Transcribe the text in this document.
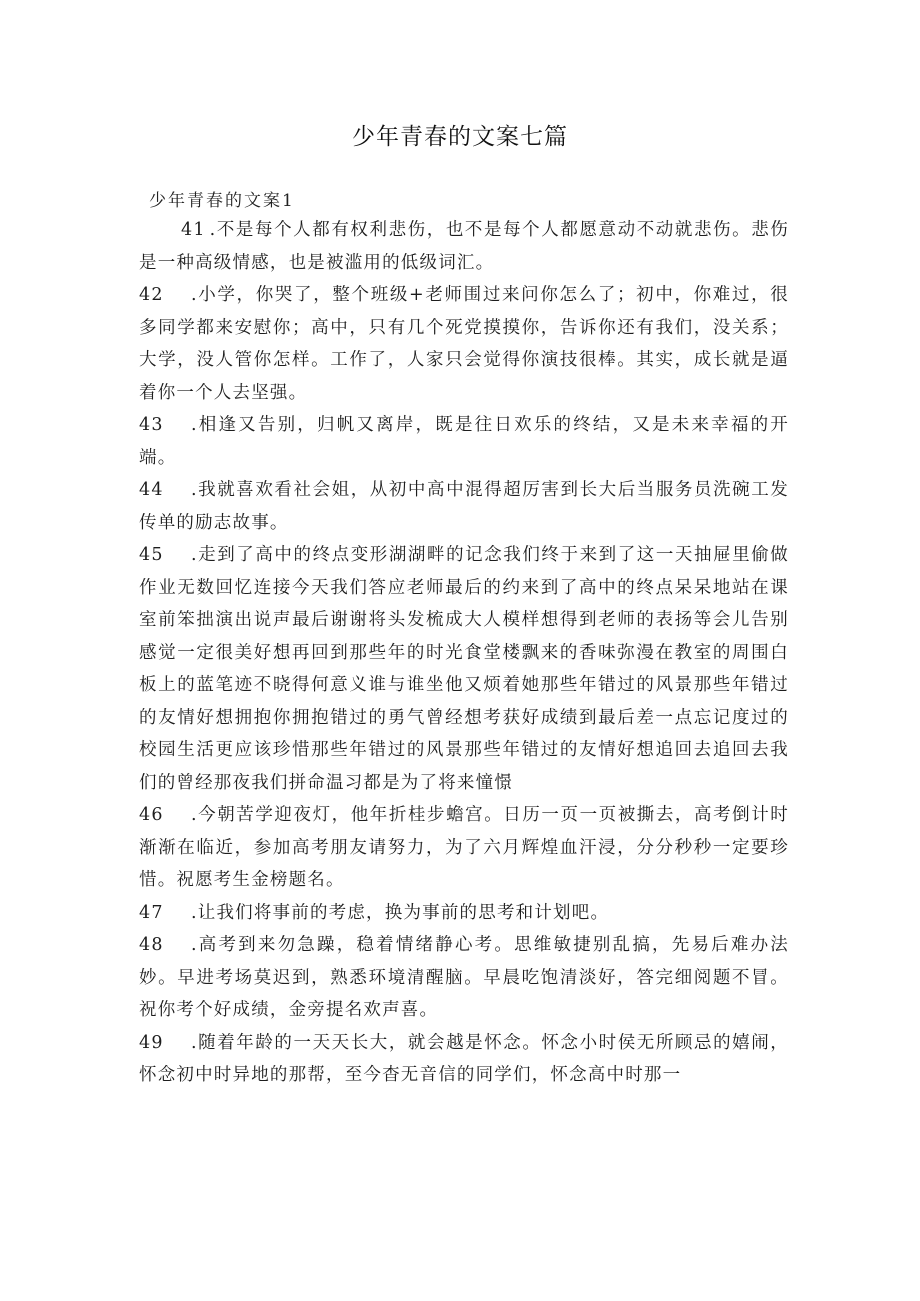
少年青春的文案七篇
少年青春的文案1

41 .不是每个人都有权利悲伤，也不是每个人都愿意动不动就悲伤。悲伤是一种高级情感，也是被滥用的低级词汇。

42 .小学，你哭了，整个班级+老师围过来问你怎么了；初中，你难过，很多同学都来安慰你；高中，只有几个死党摸摸你，告诉你还有我们，没关系；大学，没人管你怎样。工作了，人家只会觉得你演技很棒。其实，成长就是逼着你一个人去坚强。

43 .相逢又告别，归帆又离岸，既是往日欢乐的终结，又是未来幸福的开端。

44 .我就喜欢看社会姐，从初中高中混得超厉害到长大后当服务员洗碗工发传单的励志故事。

45 .走到了高中的终点变形湖湖畔的记念我们终于来到了这一天抽屉里偷做作业无数回忆连接今天我们答应老师最后的约来到了高中的终点呆呆地站在课室前笨拙演出说声最后谢谢将头发梳成大人模样想得到老师的表扬等会儿告别感觉一定很美好想再回到那些年的时光食堂楼飘来的香味弥漫在教室的周围白板上的蓝笔迹不晓得何意义谁与谁坐他又烦着她那些年错过的风景那些年错过的友情好想拥抱你拥抱错过的勇气曾经想考获好成绩到最后差一点忘记度过的校园生活更应该珍惜那些年错过的风景那些年错过的友情好想追回去追回去我们的曾经那夜我们拼命温习都是为了将来憧憬

46 .今朝苦学迎夜灯，他年折桂步蟾宫。日历一页一页被撕去，高考倒计时渐渐在临近，参加高考朋友请努力，为了六月辉煌血汗浸，分分秒秒一定要珍惜。祝愿考生金榜题名。

47 .让我们将事前的考虑，换为事前的思考和计划吧。

48 .高考到来勿急躁，稳着情绪静心考。思维敏捷别乱搞，先易后难办法妙。早进考场莫迟到，熟悉环境清醒脑。早晨吃饱清淡好，答完细阅题不冒。祝你考个好成绩，金旁提名欢声喜。

49 .随着年龄的一天天长大，就会越是怀念。怀念小时侯无所顾忌的嬉闹，怀念初中时异地的那帮，至今杳无音信的同学们，怀念高中时那一
